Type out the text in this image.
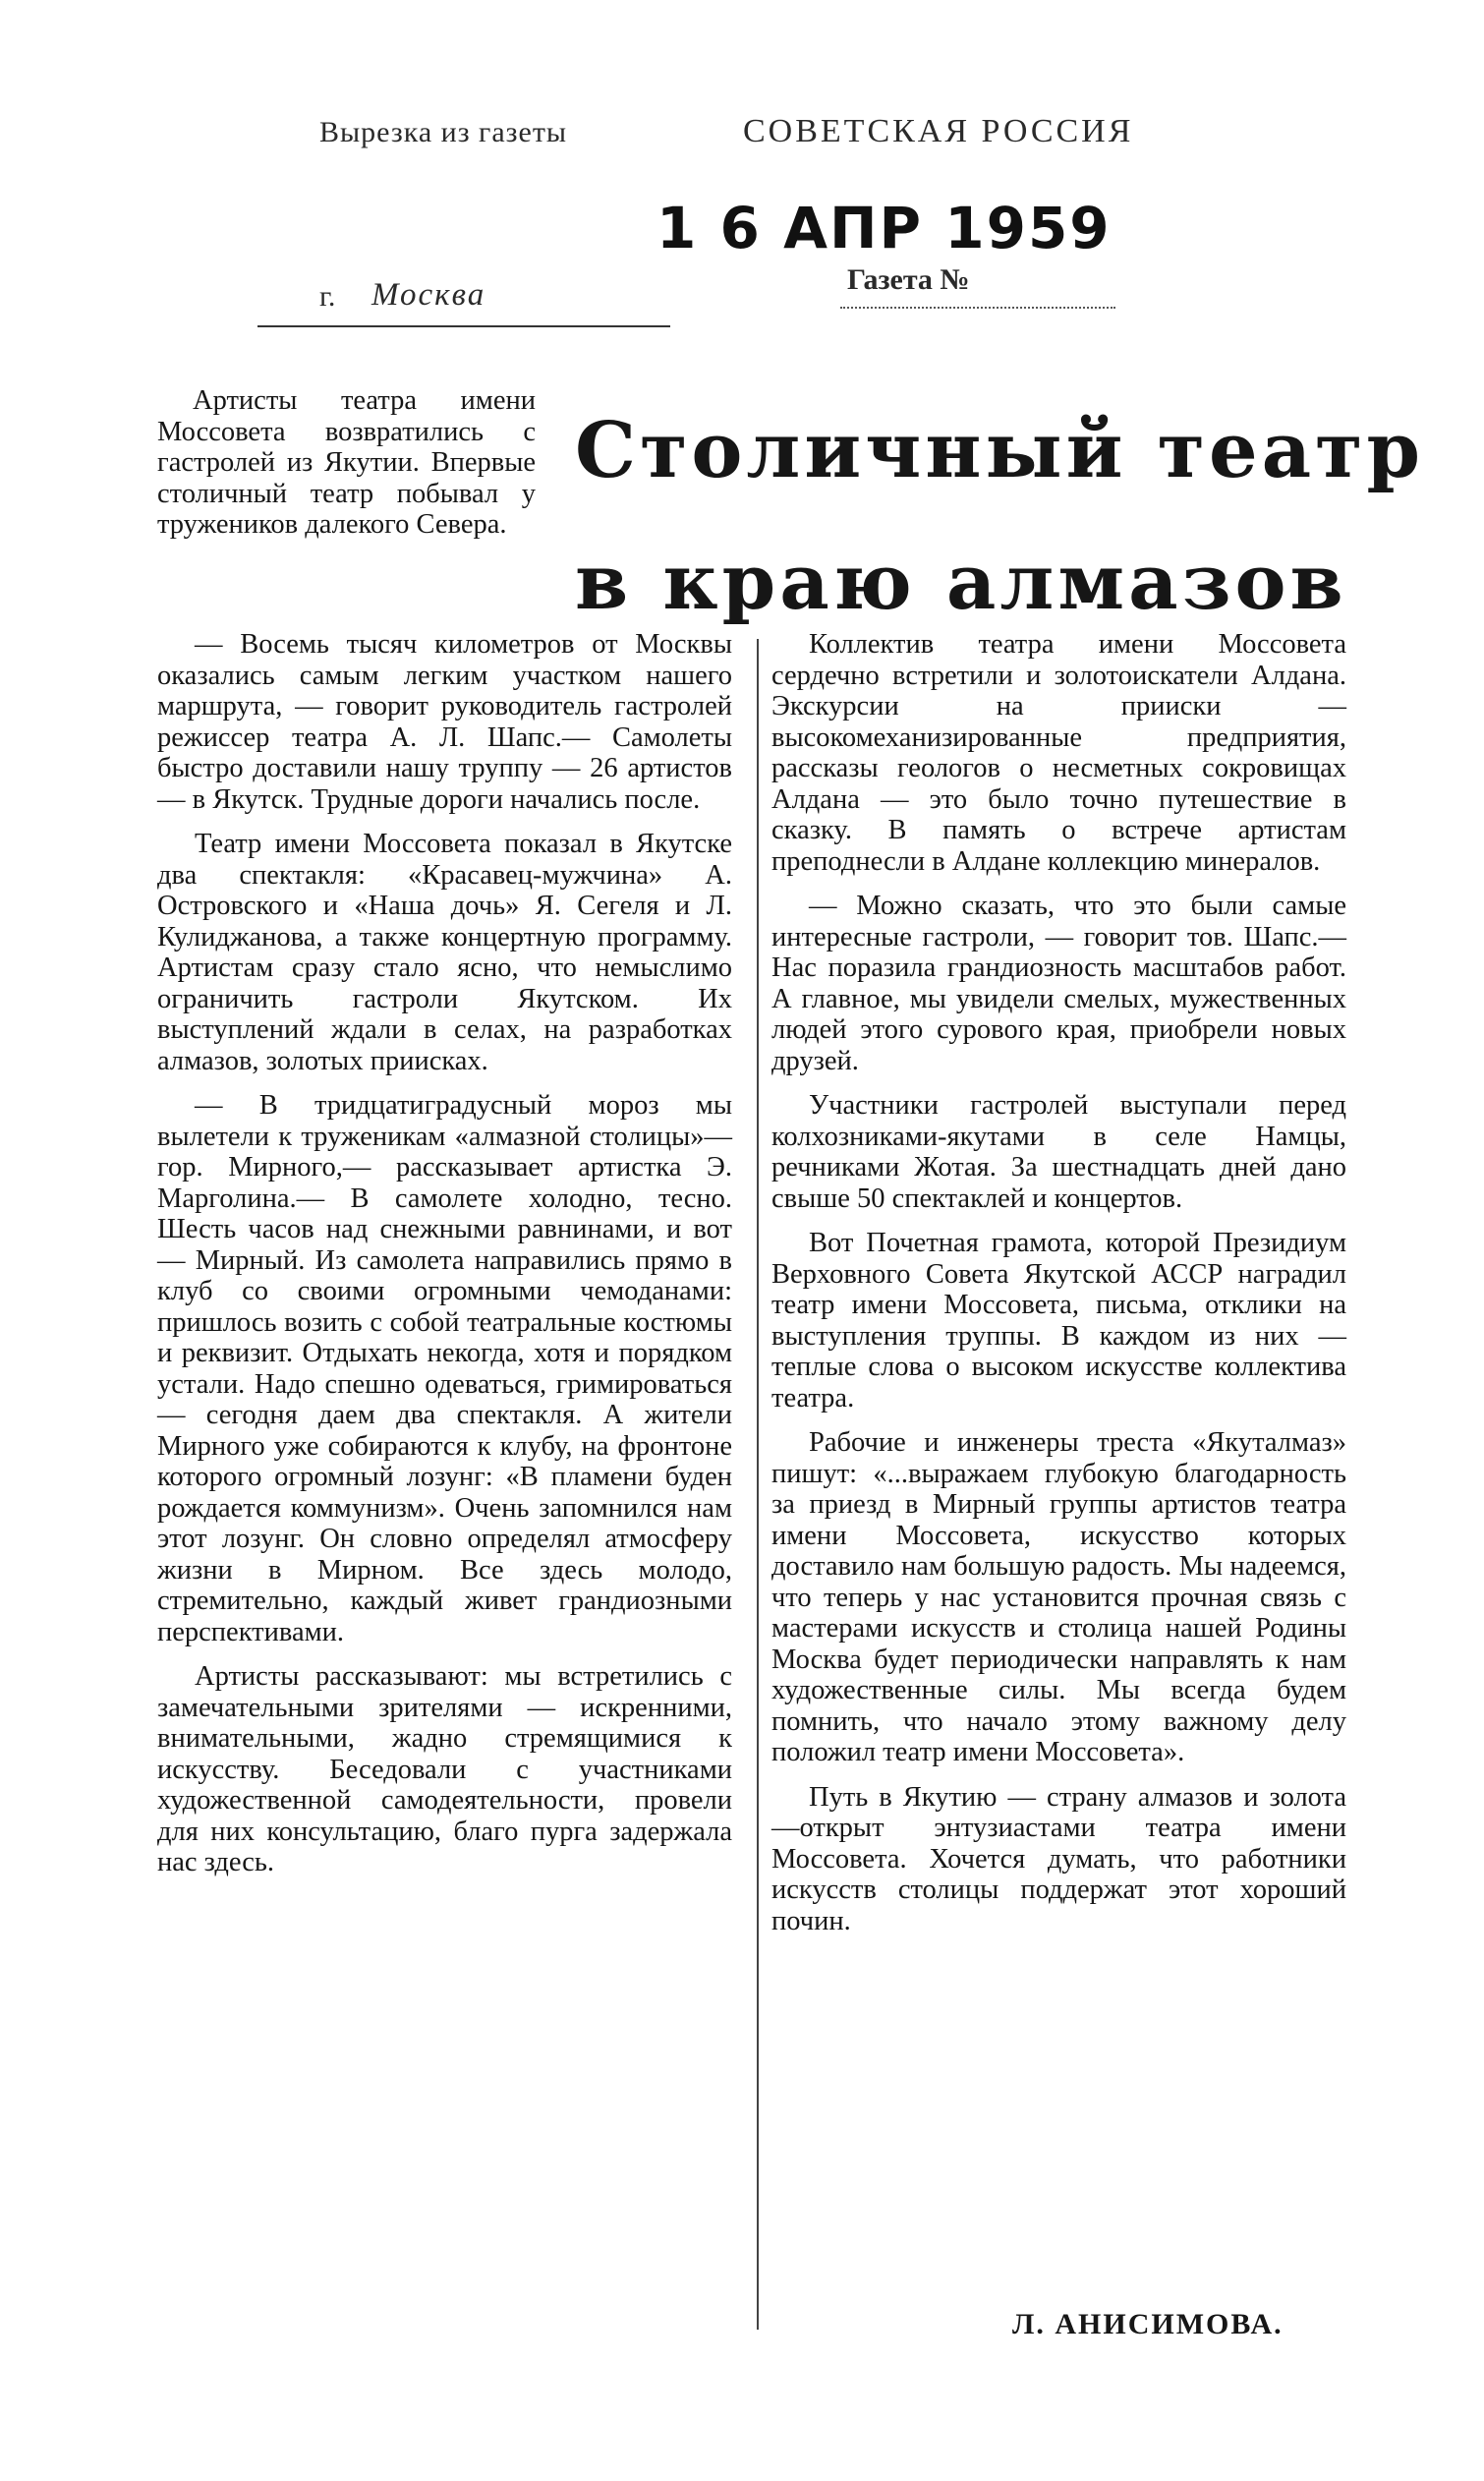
Вырезка из газеты	СОВЕТСКАЯ РОССИЯ
1 6 АПР 1959
г. Москва	Газета №
Столичный театр
в краю алмазов

Артисты театра имени Моссовета возвратились с гастролей из Якутии. Впервые столичный театр побывал у тружеников далекого Севера.

— Восемь тысяч километров от Москвы оказались самым легким участком нашего маршрута, — говорит руководитель гастролей режиссер театра А. Л. Шапс.— Самолеты быстро доставили нашу труппу — 26 артистов — в Якутск. Трудные дороги начались после.

Театр имени Моссовета показал в Якутске два спектакля: «Красавец-мужчина» А. Островского и «Наша дочь» Я. Сегеля и Л. Кулиджанова, а также концертную программу. Артистам сразу стало ясно, что немыслимо ограничить гастроли Якутском. Их выступлений ждали в селах, на разработках алмазов, золотых приисках.

— В тридцатиградусный мороз мы вылетели к труженикам «алмазной столицы»—гор. Мирного,— рассказывает артистка Э. Марголина.— В самолете холодно, тесно. Шесть часов над снежными равнинами, и вот — Мирный. Из самолета направились прямо в клуб со своими огромными чемоданами: пришлось возить с собой театральные костюмы и реквизит. Отдыхать некогда, хотя и порядком устали. Надо спешно одеваться, гримироваться — сегодня даем два спектакля. А жители Мирного уже собираются к клубу, на фронтоне которого огромный лозунг: «В пламени буден рождается коммунизм». Очень запомнился нам этот лозунг. Он словно определял атмосферу жизни в Мирном. Все здесь молодо, стремительно, каждый живет грандиозными перспективами.

Артисты рассказывают: мы встретились с замечательными зрителями — искренними, внимательными, жадно стремящимися к искусству. Беседовали с участниками художественной самодеятельности, провели для них консультацию, благо пурга задержала нас здесь.

Коллектив театра имени Моссовета сердечно встретили и золотоискатели Алдана. Экскурсии на прииски — высокомеханизированные предприятия, рассказы геологов о несметных сокровищах Алдана — это было точно путешествие в сказку. В память о встрече артистам преподнесли в Алдане коллекцию минералов.

— Можно сказать, что это были самые интересные гастроли, — говорит тов. Шапс.— Нас поразила грандиозность масштабов работ. А главное, мы увидели смелых, мужественных людей этого сурового края, приобрели новых друзей.

Участники гастролей выступали перед колхозниками-якутами в селе Намцы, речниками Жотая. За шестнадцать дней дано свыше 50 спектаклей и концертов.

Вот Почетная грамота, которой Президиум Верховного Совета Якутской АССР наградил театр имени Моссовета, письма, отклики на выступления труппы. В каждом из них — теплые слова о высоком искусстве коллектива театра.

Рабочие и инженеры треста «Якуталмаз» пишут: «...выражаем глубокую благодарность за приезд в Мирный группы артистов театра имени Моссовета, искусство которых доставило нам большую радость. Мы надеемся, что теперь у нас установится прочная связь с мастерами искусств и столица нашей Родины Москва будет периодически направлять к нам художественные силы. Мы всегда будем помнить, что начало этому важному делу положил театр имени Моссовета».

Путь в Якутию — страну алмазов и золота—открыт энтузиастами театра имени Моссовета. Хочется думать, что работники искусств столицы поддержат этот хороший почин.

Л. АНИСИМОВА.
